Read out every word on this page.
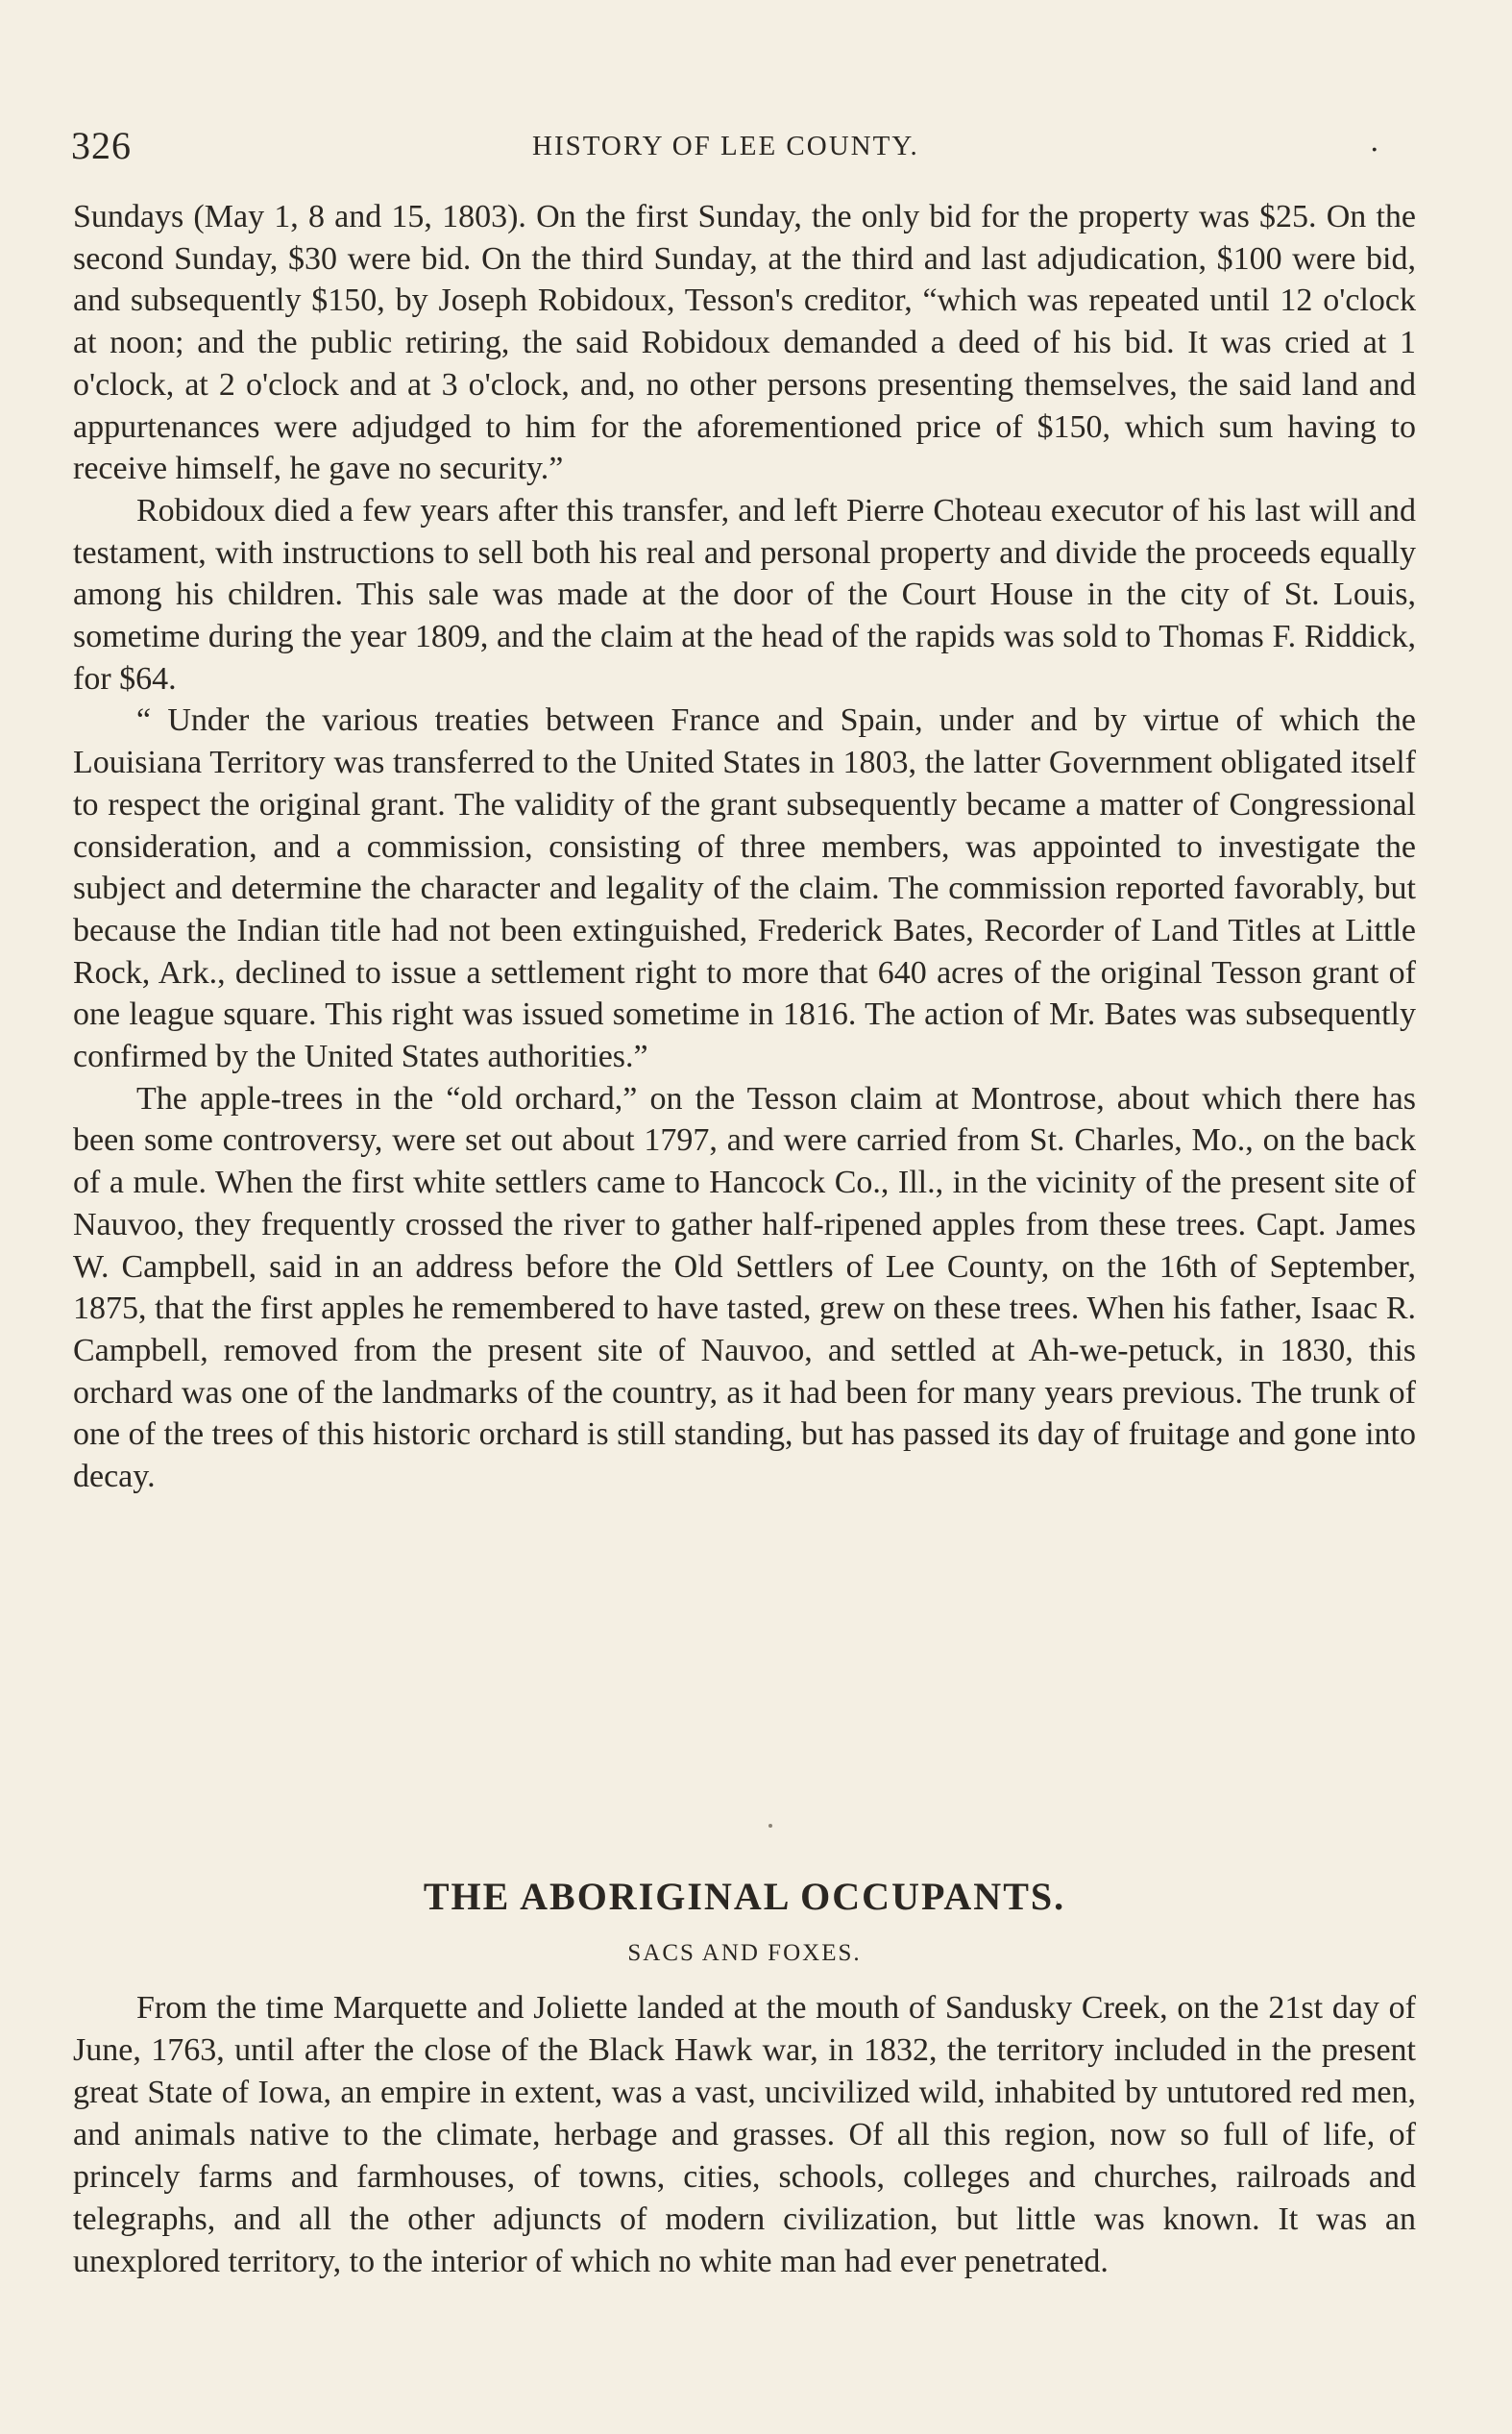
326	HISTORY OF LEE COUNTY.	.

Sundays (May 1, 8 and 15, 1803). On the first Sunday, the only bid for the property was $25. On the second Sunday, $30 were bid. On the third Sunday, at the third and last adjudication, $100 were bid, and subsequently $150, by Joseph Robidoux, Tesson's creditor, “which was repeated until 12 o'clock at noon; and the public retiring, the said Robidoux demanded a deed of his bid. It was cried at 1 o'clock, at 2 o'clock and at 3 o'clock, and, no other persons presenting themselves, the said land and appurtenances were adjudged to him for the aforementioned price of $150, which sum having to receive himself, he gave no security.”

Robidoux died a few years after this transfer, and left Pierre Choteau executor of his last will and testament, with instructions to sell both his real and personal property and divide the proceeds equally among his children. This sale was made at the door of the Court House in the city of St. Louis, sometime during the year 1809, and the claim at the head of the rapids was sold to Thomas F. Riddick, for $64.

“ Under the various treaties between France and Spain, under and by virtue of which the Louisiana Territory was transferred to the United States in 1803, the latter Government obligated itself to respect the original grant. The validity of the grant subsequently became a matter of Congressional consideration, and a commission, consisting of three members, was appointed to investigate the subject and determine the character and legality of the claim. The commission reported favorably, but because the Indian title had not been extinguished, Frederick Bates, Recorder of Land Titles at Little Rock, Ark., declined to issue a settlement right to more that 640 acres of the original Tesson grant of one league square. This right was issued sometime in 1816. The action of Mr. Bates was subsequently confirmed by the United States authorities.”

The apple-trees in the “old orchard,” on the Tesson claim at Montrose, about which there has been some controversy, were set out about 1797, and were carried from St. Charles, Mo., on the back of a mule. When the first white settlers came to Hancock Co., Ill., in the vicinity of the present site of Nauvoo, they frequently crossed the river to gather half-ripened apples from these trees. Capt. James W. Campbell, said in an address before the Old Settlers of Lee County, on the 16th of September, 1875, that the first apples he remembered to have tasted, grew on these trees. When his father, Isaac R. Campbell, removed from the present site of Nauvoo, and settled at Ah-we-petuck, in 1830, this orchard was one of the landmarks of the country, as it had been for many years previous. The trunk of one of the trees of this historic orchard is still standing, but has passed its day of fruitage and gone into decay.

THE ABORIGINAL OCCUPANTS.
SACS AND FOXES.

From the time Marquette and Joliette landed at the mouth of Sandusky Creek, on the 21st day of June, 1763, until after the close of the Black Hawk war, in 1832, the territory included in the present great State of Iowa, an empire in extent, was a vast, uncivilized wild, inhabited by untutored red men, and animals native to the climate, herbage and grasses. Of all this region, now so full of life, of princely farms and farmhouses, of towns, cities, schools, colleges and churches, railroads and telegraphs, and all the other adjuncts of modern civilization, but little was known. It was an unexplored territory, to the interior of which no white man had ever penetrated.
